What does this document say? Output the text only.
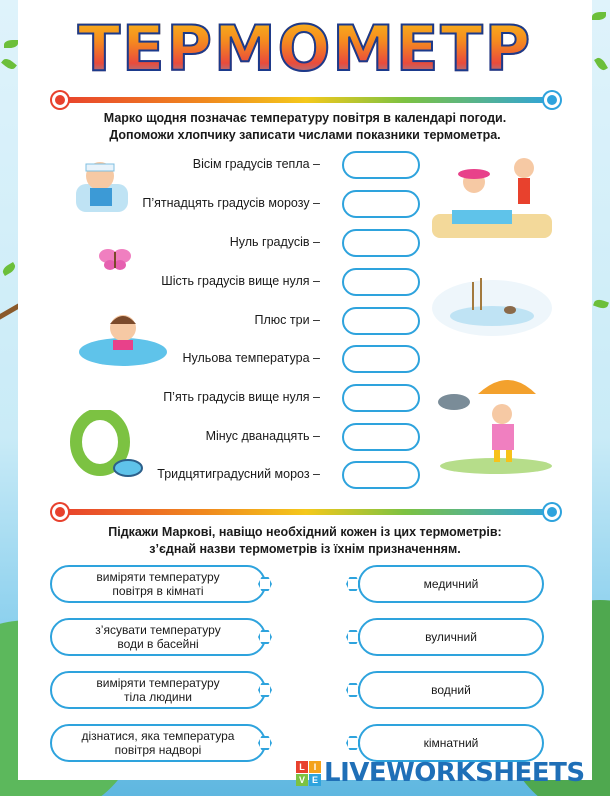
ТЕРМОМЕТР
Марко щодня позначає температуру повітря в календарі погоди.
Допоможи хлопчику записати числами показники термометра.
Вісім градусів тепла –
П’ятнадцять градусів морозу –
Нуль градусів –
Шість градусів вище нуля –
Плюс три –
Нульова температура –
П’ять градусів вище нуля –
Мінус дванадцять –
Тридцятиградусний мороз –
Підкажи Маркові, навіщо необхідний кожен із цих термометрів:
з’єднай назви термометрів із їхнім призначенням.
виміряти температуру
повітря в кімнаті
з’ясувати температуру
води в басейні
виміряти температуру
тіла людини
дізнатися, яка температура
повітря надворі
медичний
вуличний
водний
кімнатний
L I
V E LIVEWORKSHEETS
